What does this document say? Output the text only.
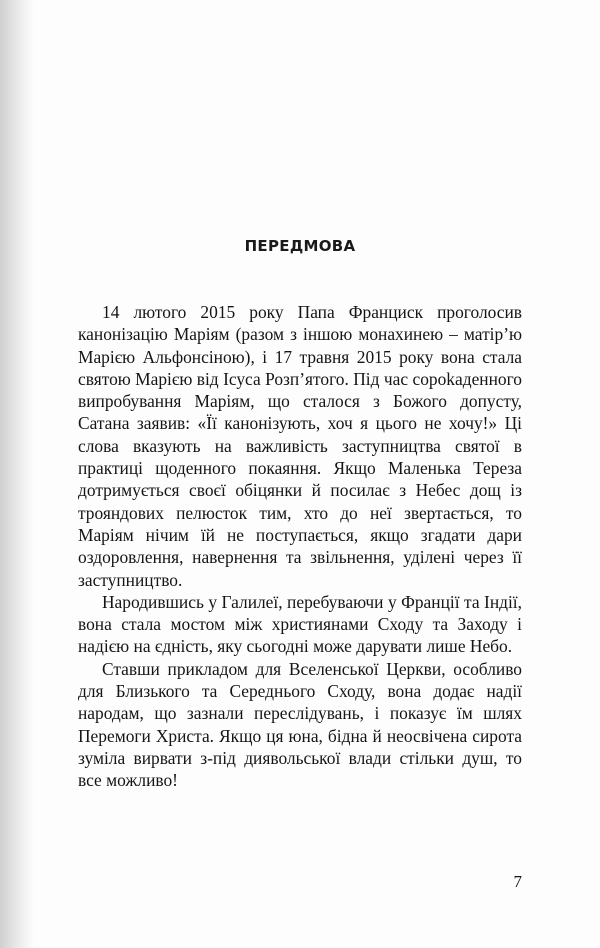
ПЕРЕДМОВА

14 лютого 2015 року Папа Франциск проголосив канонізацію Маріям (разом з іншою монахинею – матір’ю Марією Альфонсіною), і 17 травня 2015 року вона стала святою Марією від Ісуса Розп’ятого. Під час сороkаденного випробування Маріям, що сталося з Божого допусту, Сатана заявив: «Її канонізують, хоч я цього не хочу!» Ці слова вказують на важливість заступництва святої в практиці щоденного покаяння. Якщо Маленька Тереза дотримується своєї обіцянки й посилає з Небес дощ із трояндових пелюсток тим, хто до неї звертається, то Маріям нічим їй не поступається, якщо згадати дари оздоровлення, навернення та звільнення, уділені через її заступництво.

Народившись у Галилеї, перебуваючи у Франції та Індії, вона стала мостом між християнами Сходу та Заходу і надією на єдність, яку сьогодні може дарувати лише Небо.

Ставши прикладом для Вселенської Церкви, особливо для Близького та Середнього Сходу, вона додає надії народам, що зазнали переслідувань, і показує їм шлях Перемоги Христа. Якщо ця юна, бідна й неосвічена сирота зуміла вирвати з-під диявольської влади стільки душ, то все можливо!

7
